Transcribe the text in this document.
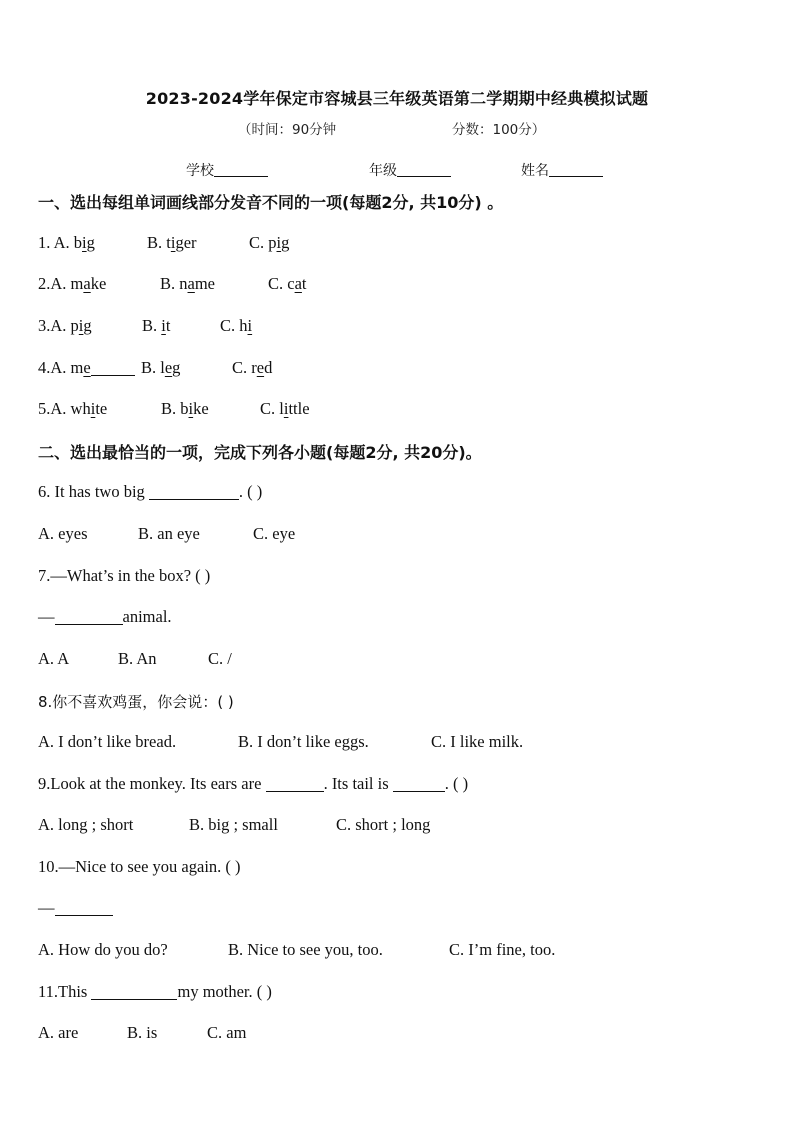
2023-2024学年保定市容城县三年级英语第二学期期中经典模拟试题
（时间：90分钟	分数：100分）
学校	年级	姓名
一、选出每组单词画线部分发音不同的一项(每题2分, 共10分) 。
1. A. big	B. tiger	C. pig
2.A. make	B. name	C. cat
3.A. pig	B. it	C. hi
4.A. me	B. leg	C. red
5.A. white	B. bike	C. little
二、选出最恰当的一项，完成下列各小题(每题2分, 共20分)。
6. It has two big	. ( )
A. eyes	B. an eye	C. eye
7.—What’s in the box? ( )
—	animal.
A. A	B. An	C. /
8.你不喜欢鸡蛋，你会说：( )
A. I don’t like bread.	B. I don’t like eggs.	C. I like milk.
9.Look at the monkey. Its ears are	. Its tail is	. ( )
A. long ; short	B. big ; small	C. short ; long
10.—Nice to see you again. ( )
—
A. How do you do?	B. Nice to see you, too.	C. I’m fine, too.
11.This	my mother. ( )
A. are	B. is	C. am
